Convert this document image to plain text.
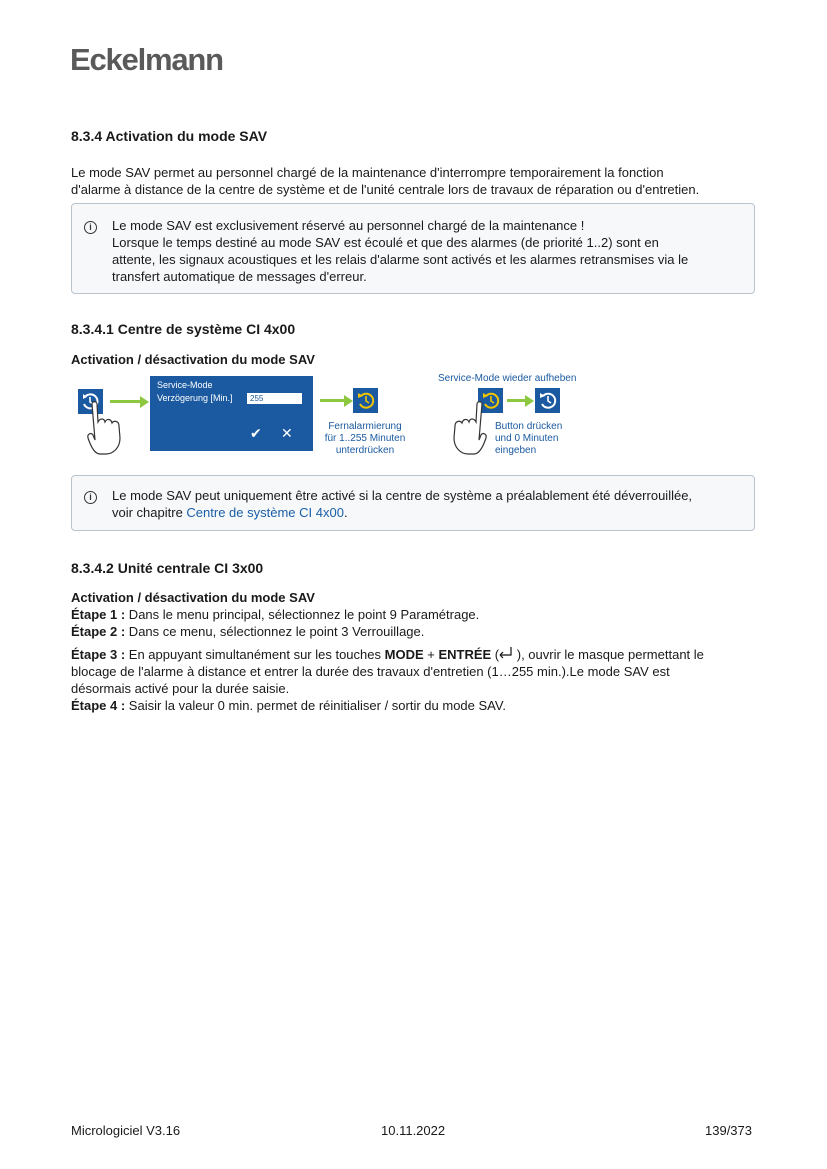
Eckelmann
8.3.4 Activation du mode SAV
Le mode SAV permet au personnel chargé de la maintenance d'interrompre temporairement la fonction
d'alarme à distance de la centre de système et de l'unité centrale lors de travaux de réparation ou d'entretien.
i	Le mode SAV est exclusivement réservé au personnel chargé de la maintenance !
Lorsque le temps destiné au mode SAV est écoulé et que des alarmes (de priorité 1..2) sont en
attente, les signaux acoustiques et les relais d'alarme sont activés et les alarmes retransmises via le
transfert automatique de messages d'erreur.
8.3.4.1 Centre de système CI 4x00
Activation / désactivation du mode SAV
Service-Mode
Verzögerung [Min.]	255
✔ ✕	Fernalarmierung
für 1..255 Minuten
unterdrücken
Service-Mode wieder aufheben
Button drücken
und 0 Minuten
eingeben
i	Le mode SAV peut uniquement être activé si la centre de système a préalablement été déverrouillée,
voir chapitre Centre de système CI 4x00.
8.3.4.2 Unité centrale CI 3x00
Activation / désactivation du mode SAV
Étape 1 : Dans le menu principal, sélectionnez le point 9 Paramétrage.
Étape 2 : Dans ce menu, sélectionnez le point 3 Verrouillage.
Étape 3 : En appuyant simultanément sur les touches MODE + ENTRÉE ( ), ouvrir le masque permettant le
blocage de l'alarme à distance et entrer la durée des travaux d'entretien (1…255 min.).Le mode SAV est
désormais activé pour la durée saisie.
Étape 4 : Saisir la valeur 0 min. permet de réinitialiser / sortir du mode SAV.
Micrologiciel V3.16	10.11.2022	139/373
